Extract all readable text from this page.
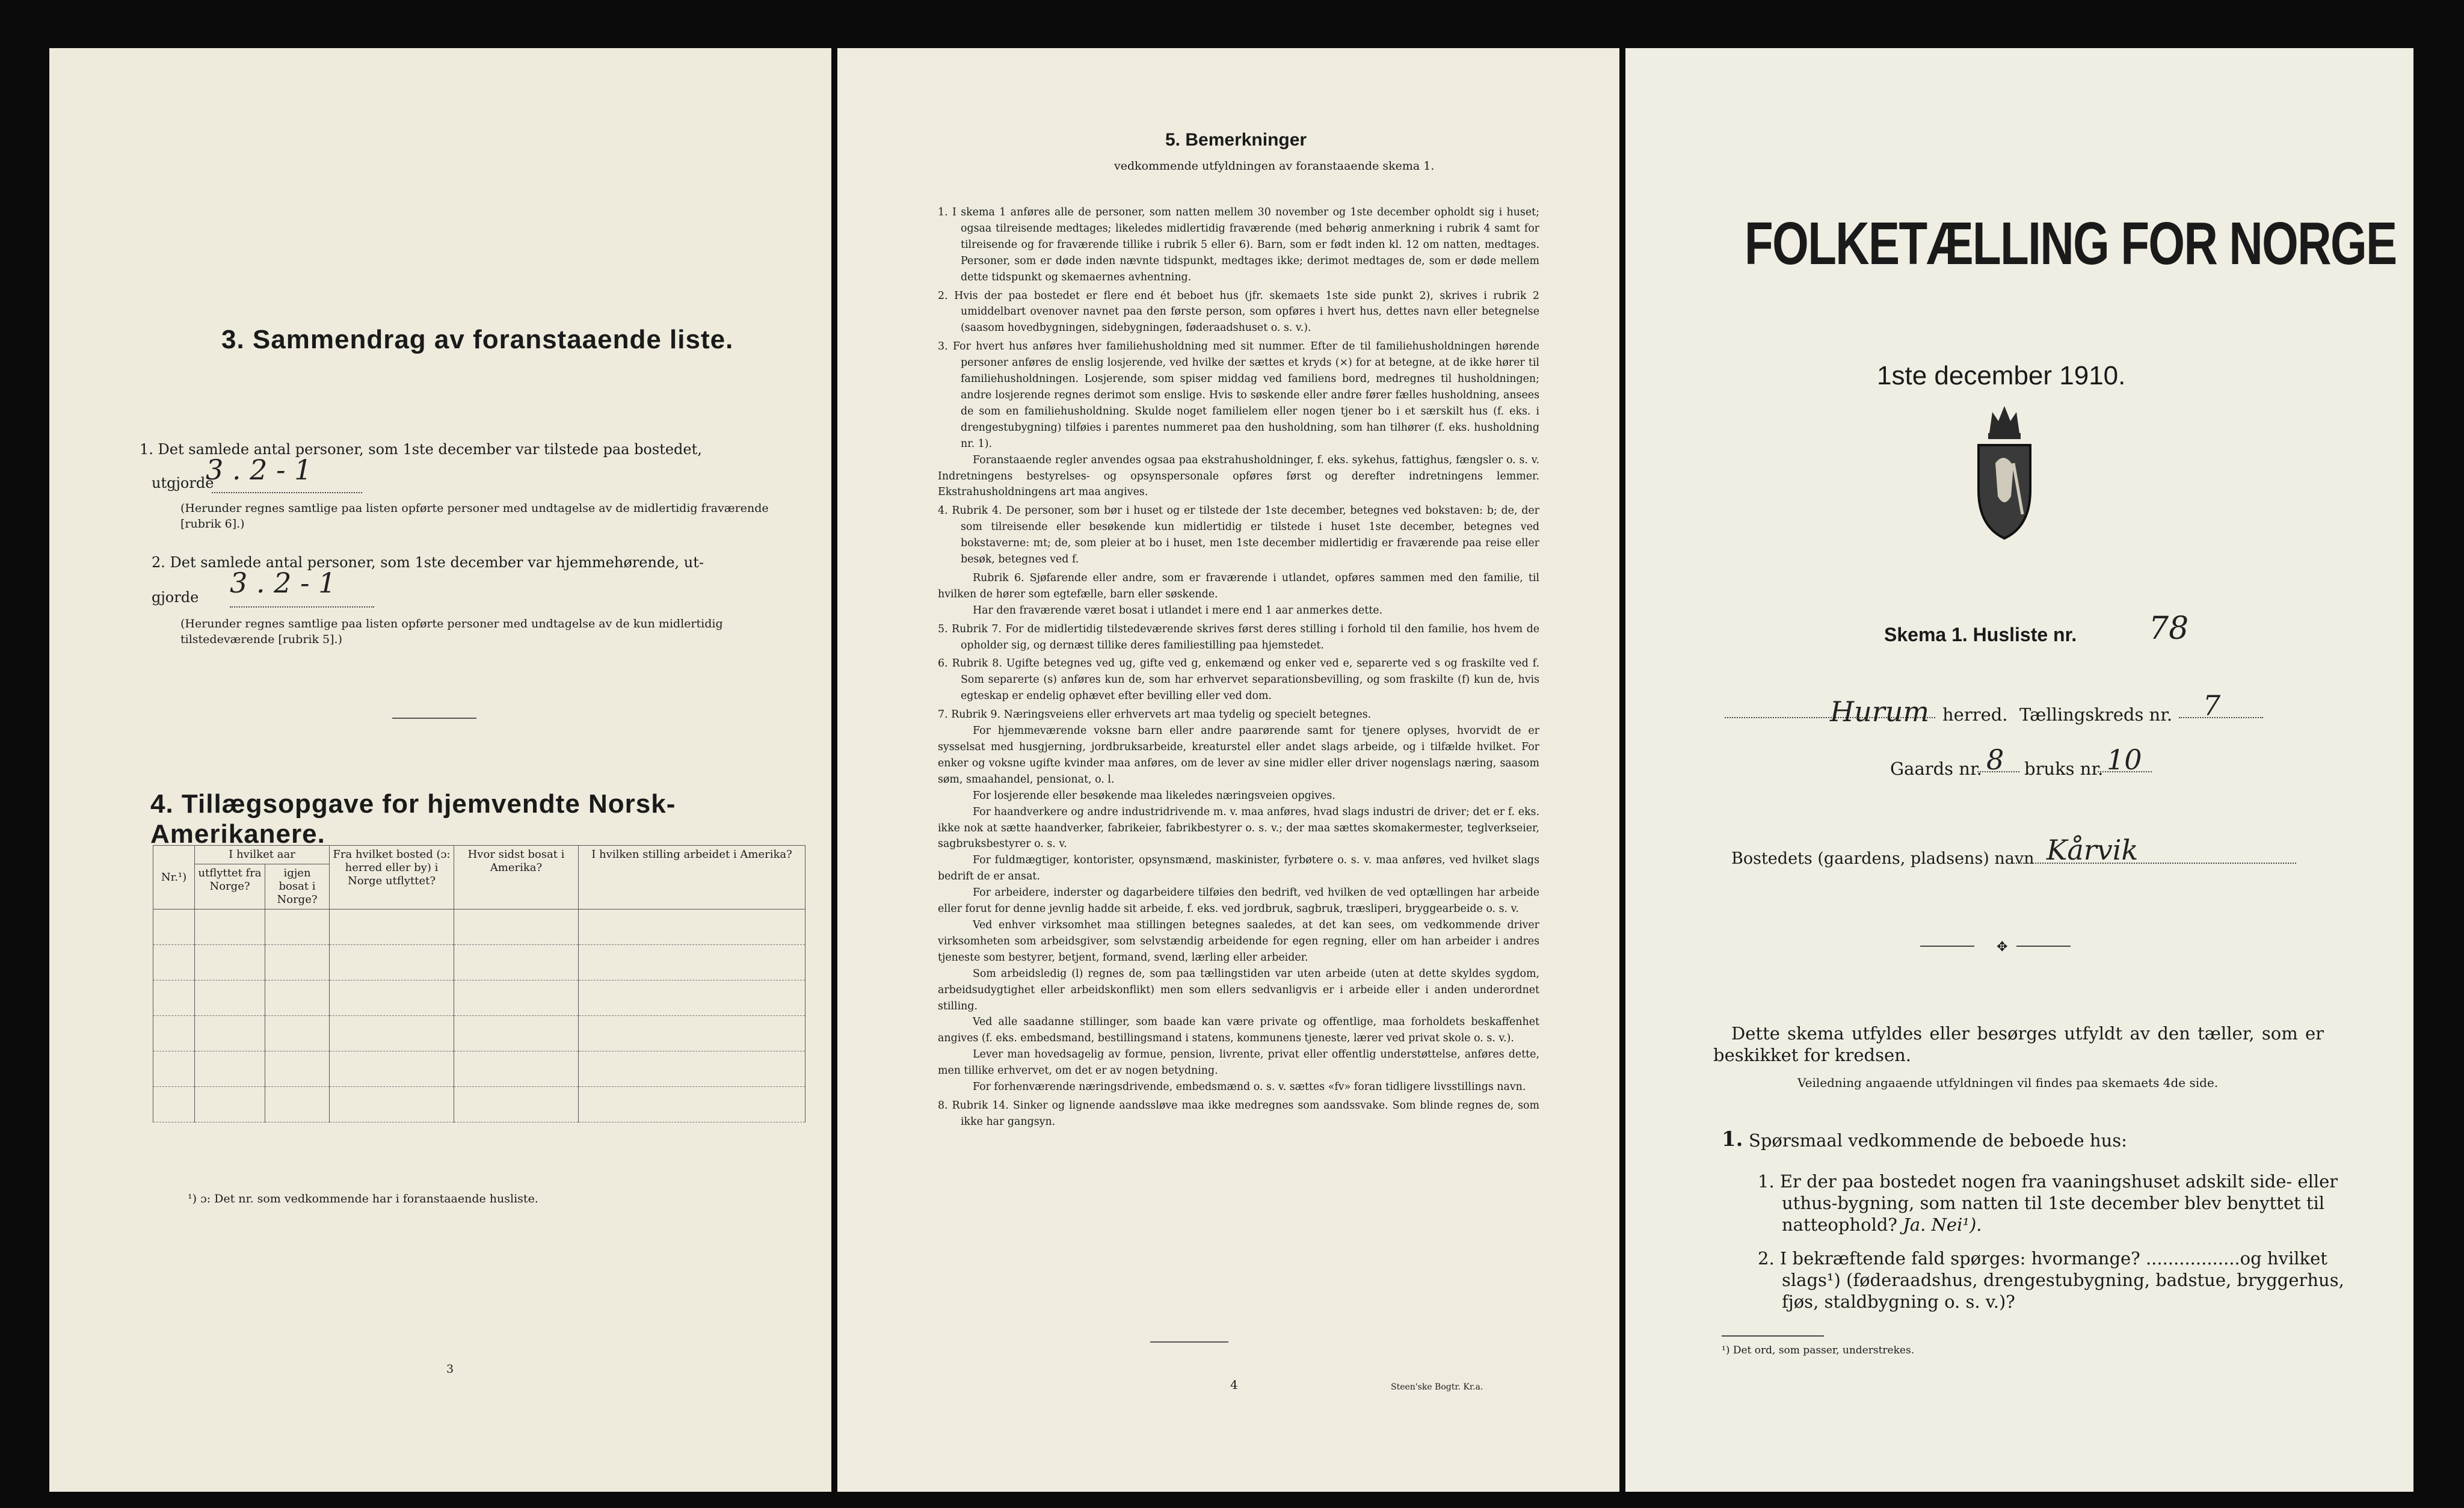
3. Sammendrag av foranstaaende liste.
1. Det samlede antal personer, som 1ste december var tilstede paa bostedet,
utgjorde
3 . 2 - 1
(Herunder regnes samtlige paa listen opførte personer med undtagelse av de midlertidig fraværende [rubrik 6].)
2. Det samlede antal personer, som 1ste december var hjemmehørende, ut-
gjorde 3 . 2 - 1
(Herunder regnes samtlige paa listen opførte personer med undtagelse av de kun midlertidig tilstedeværende [rubrik 5].)
4. Tillægsopgave for hjemvendte Norsk-Amerikanere.
Nr.¹)	I hvilket aar		Fra hvilket bosted (ɔ: herred eller by) i Norge utflyttet?	Hvor sidst bosat i Amerika?	I hvilken stilling arbeidet i Amerika?
	utflyttet fra Norge?	igjen bosat i Norge?			

¹) ɔ: Det nr. som vedkommende har i foranstaaende husliste.
3
5. Bemerkninger
vedkommende utfyldningen av foranstaaende skema 1.

1. I skema 1 anføres alle de personer, som natten mellem 30 november og 1ste december opholdt sig i huset; ogsaa tilreisende medtages; likeledes midlertidig fraværende (med behørig anmerkning i rubrik 4 samt for tilreisende og for fraværende tillike i rubrik 5 eller 6). Barn, som er født inden kl. 12 om natten, medtages. Personer, som er døde inden nævnte tidspunkt, medtages ikke; derimot medtages de, som er døde mellem dette tidspunkt og skemaernes avhentning.

2. Hvis der paa bostedet er flere end ét beboet hus (jfr. skemaets 1ste side punkt 2), skrives i rubrik 2 umiddelbart ovenover navnet paa den første person, som opføres i hvert hus, dettes navn eller betegnelse (saasom hovedbygningen, sidebygningen, føderaadshuset o. s. v.).

3. For hvert hus anføres hver familiehusholdning med sit nummer. Efter de til familiehusholdningen hørende personer anføres de enslig losjerende, ved hvilke der sættes et kryds (×) for at betegne, at de ikke hører til familiehusholdningen. Losjerende, som spiser middag ved familiens bord, medregnes til husholdningen; andre losjerende regnes derimot som enslige. Hvis to søskende eller andre fører fælles husholdning, ansees de som en familiehusholdning. Skulde noget familielem eller nogen tjener bo i et særskilt hus (f. eks. i drengestubygning) tilføies i parentes nummeret paa den husholdning, som han tilhører (f. eks. husholdning nr. 1).

Foranstaaende regler anvendes ogsaa paa ekstrahusholdninger, f. eks. sykehus, fattighus, fængsler o. s. v. Indretningens bestyrelses- og opsynspersonale opføres først og derefter indretningens lemmer. Ekstrahusholdningens art maa angives.

4. Rubrik 4. De personer, som bør i huset og er tilstede der 1ste december, betegnes ved bokstaven: b; de, der som tilreisende eller besøkende kun midlertidig er tilstede i huset 1ste december, betegnes ved bokstaverne: mt; de, som pleier at bo i huset, men 1ste december midlertidig er fraværende paa reise eller besøk, betegnes ved f.

Rubrik 6. Sjøfarende eller andre, som er fraværende i utlandet, opføres sammen med den familie, til hvilken de hører som egtefælle, barn eller søskende.

Har den fraværende været bosat i utlandet i mere end 1 aar anmerkes dette.

5. Rubrik 7. For de midlertidig tilstedeværende skrives først deres stilling i forhold til den familie, hos hvem de opholder sig, og dernæst tillike deres familiestilling paa hjemstedet.

6. Rubrik 8. Ugifte betegnes ved ug, gifte ved g, enkemænd og enker ved e, separerte ved s og fraskilte ved f. Som separerte (s) anføres kun de, som har erhvervet separationsbevilling, og som fraskilte (f) kun de, hvis egteskap er endelig ophævet efter bevilling eller ved dom.

7. Rubrik 9. Næringsveiens eller erhvervets art maa tydelig og specielt betegnes.

For hjemmeværende voksne barn eller andre paarørende samt for tjenere oplyses, hvorvidt de er sysselsat med husgjerning, jordbruksarbeide, kreaturstel eller andet slags arbeide, og i tilfælde hvilket. For enker og voksne ugifte kvinder maa anføres, om de lever av sine midler eller driver nogenslags næring, saasom søm, smaahandel, pensionat, o. l.

For losjerende eller besøkende maa likeledes næringsveien opgives.

For haandverkere og andre industridrivende m. v. maa anføres, hvad slags industri de driver; det er f. eks. ikke nok at sætte haandverker, fabrikeier, fabrikbestyrer o. s. v.; der maa sættes skomakermester, teglverkseier, sagbruksbestyrer o. s. v.

For fuldmægtiger, kontorister, opsynsmænd, maskinister, fyrbøtere o. s. v. maa anføres, ved hvilket slags bedrift de er ansat.

For arbeidere, inderster og dagarbeidere tilføies den bedrift, ved hvilken de ved optællingen har arbeide eller forut for denne jevnlig hadde sit arbeide, f. eks. ved jordbruk, sagbruk, træsliperi, bryggearbeide o. s. v.

Ved enhver virksomhet maa stillingen betegnes saaledes, at det kan sees, om vedkommende driver virksomheten som arbeidsgiver, som selvstændig arbeidende for egen regning, eller om han arbeider i andres tjeneste som bestyrer, betjent, formand, svend, lærling eller arbeider.

Som arbeidsledig (l) regnes de, som paa tællingstiden var uten arbeide (uten at dette skyldes sygdom, arbeidsudygtighet eller arbeidskonflikt) men som ellers sedvanligvis er i arbeide eller i anden underordnet stilling.

Ved alle saadanne stillinger, som baade kan være private og offentlige, maa forholdets beskaffenhet angives (f. eks. embedsmand, bestillingsmand i statens, kommunens tjeneste, lærer ved privat skole o. s. v.).

Lever man hovedsagelig av formue, pension, livrente, privat eller offentlig understøttelse, anføres dette, men tillike erhvervet, om det er av nogen betydning.

For forhenværende næringsdrivende, embedsmænd o. s. v. sættes «fv» foran tidligere livsstillings navn.

8. Rubrik 14. Sinker og lignende aandssløve maa ikke medregnes som aandssvake. Som blinde regnes de, som ikke har gangsyn.

4	Steen'ske Bogtr. Kr.a.
FOLKETÆLLING FOR NORGE
1ste december 1910.
Skema 1. Husliste nr. 78
Hurum herred. Tællingskreds nr. 7
Gaards nr. 8 bruks nr. 10
Bostedets (gaardens, pladsens) navn Kårvik
✥
Dette skema utfyldes eller besørges utfyldt av den tæller, som er beskikket for kredsen.
Veiledning angaaende utfyldningen vil findes paa skemaets 4de side.
1. Spørsmaal vedkommende de beboede hus:
1. Er der paa bostedet nogen fra vaaningshuset adskilt side- eller uthus-bygning, som natten til 1ste december blev benyttet til natteophold? Ja. Nei¹).
2. I bekræftende fald spørges: hvormange? .................og hvilket slags¹) (føderaadshus, drengestubygning, badstue, bryggerhus, fjøs, staldbygning o. s. v.)?
¹) Det ord, som passer, understrekes.
